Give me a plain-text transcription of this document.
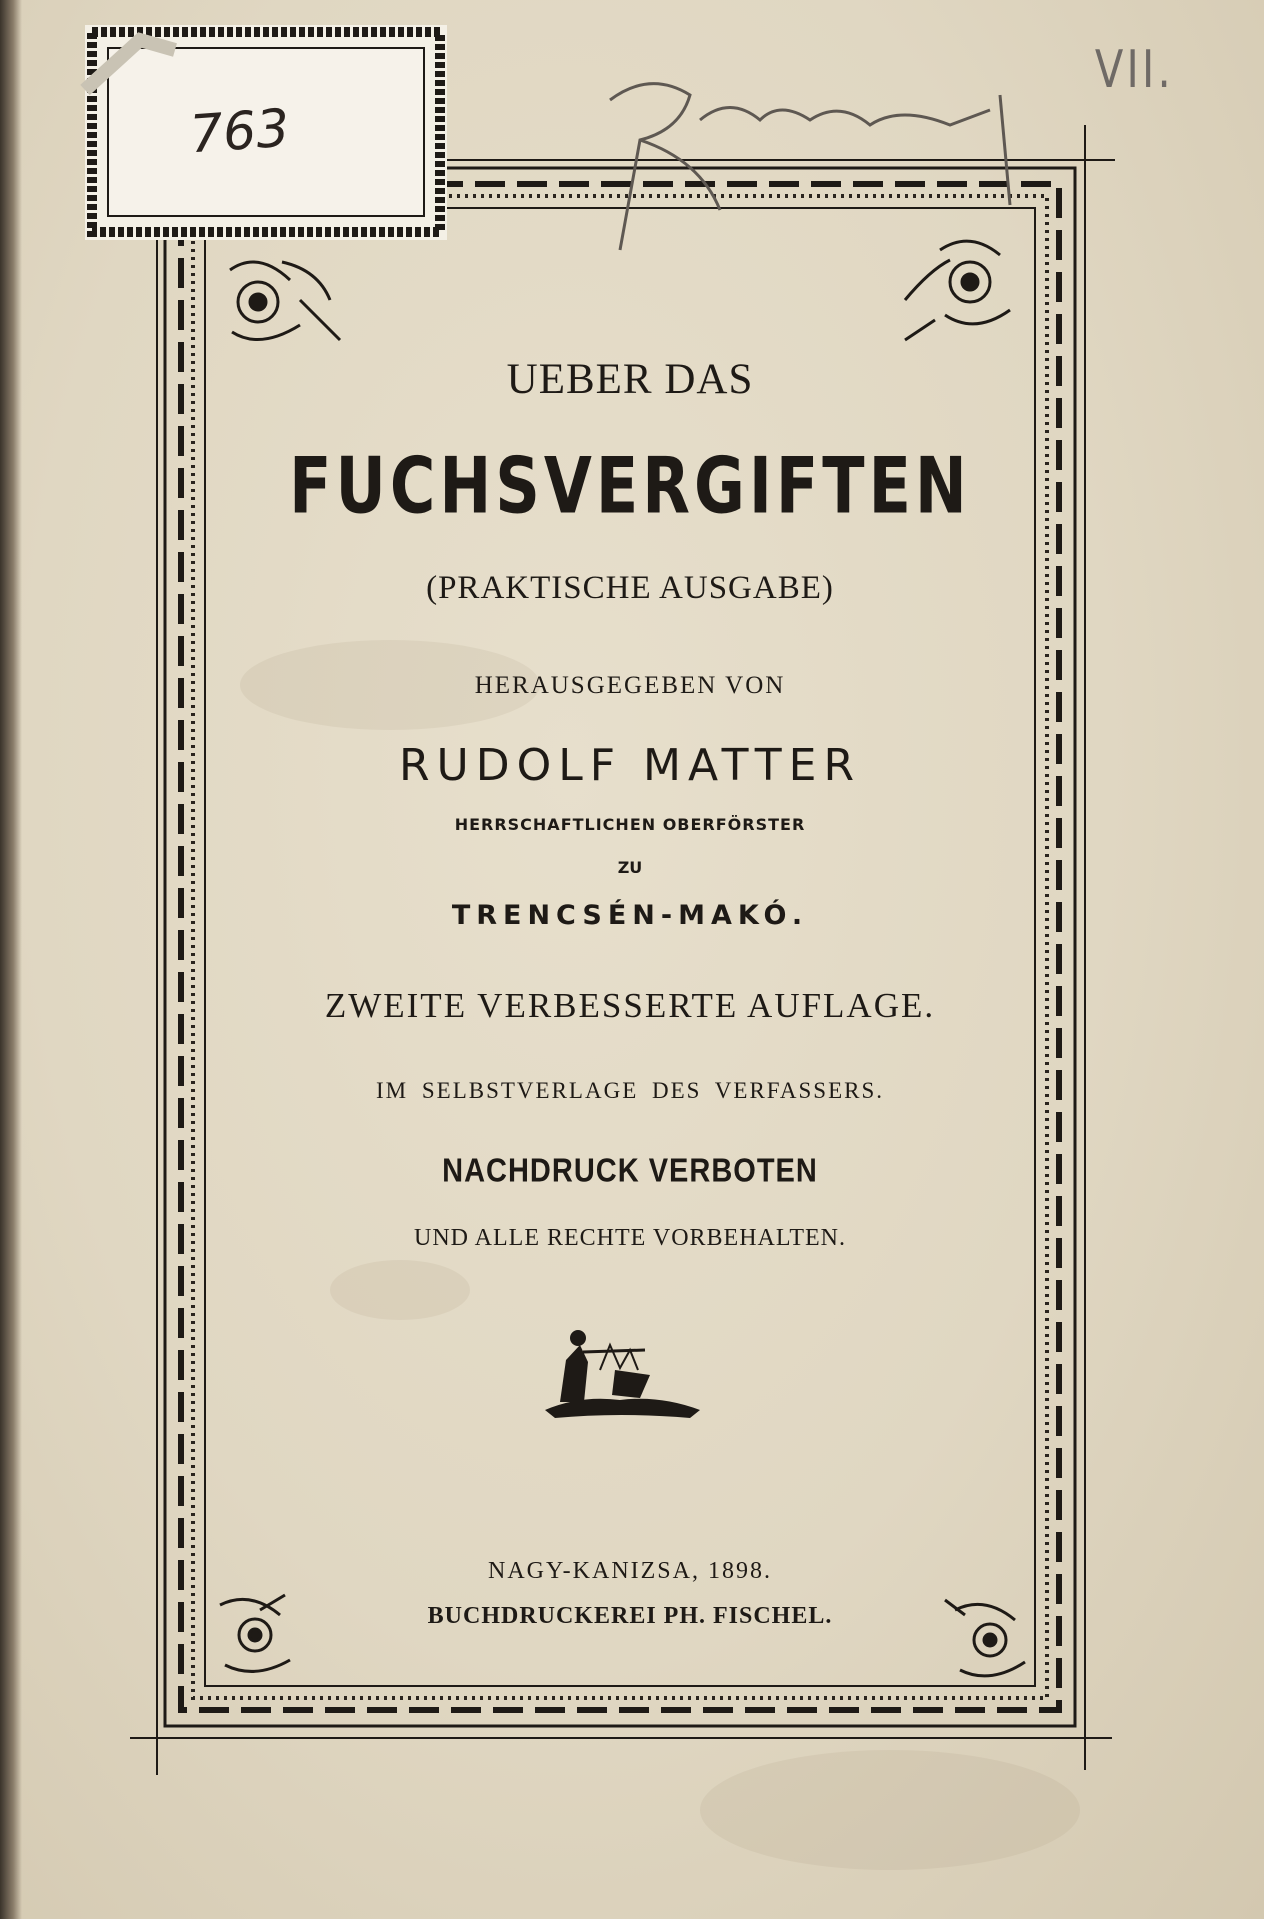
763
VII.
UEBER DAS
FUCHSVERGIFTEN
(PRAKTISCHE AUSGABE)
HERAUSGEGEBEN VON
RUDOLF MATTER
HERRSCHAFTLICHEN OBERFÖRSTER
ZU
TRENCSÉN-MAKÓ.
ZWEITE VERBESSERTE AUFLAGE.
IM SELBSTVERLAGE DES VERFASSERS.
NACHDRUCK VERBOTEN
UND ALLE RECHTE VORBEHALTEN.
NAGY-KANIZSA, 1898.
BUCHDRUCKEREI PH. FISCHEL.
